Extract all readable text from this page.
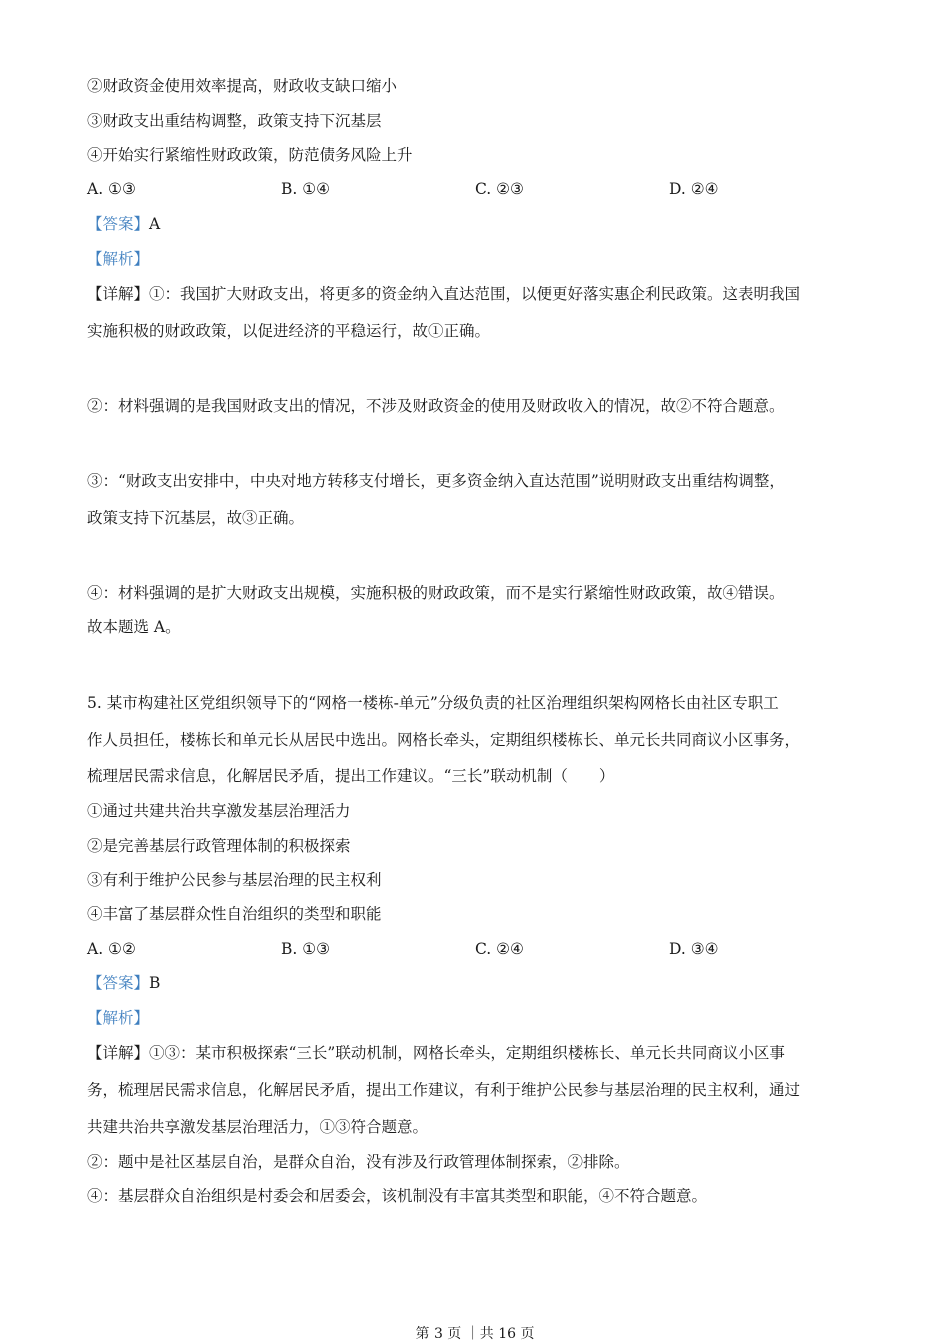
②财政资金使用效率提高，财政收支缺口缩小
③财政支出重结构调整，政策支持下沉基层
④开始实行紧缩性财政政策，防范债务风险上升
A. ①③	B. ①④	C. ②③	D. ②④
【答案】A
【解析】
【详解】①：我国扩大财政支出，将更多的资金纳入直达范围，以便更好落实惠企利民政策。这表明我国
实施积极的财政政策，以促进经济的平稳运行，故①正确。
②：材料强调的是我国财政支出的情况，不涉及财政资金的使用及财政收入的情况，故②不符合题意。
③：“财政支出安排中，中央对地方转移支付增长，更多资金纳入直达范围”说明财政支出重结构调整，
政策支持下沉基层，故③正确。
④：材料强调的是扩大财政支出规模，实施积极的财政政策，而不是实行紧缩性财政政策，故④错误。
故本题选 A。
5. 某市构建社区党组织领导下的“网格一楼栋-单元”分级负责的社区治理组织架构网格长由社区专职工
作人员担任，楼栋长和单元长从居民中选出。网格长牵头，定期组织楼栋长、单元长共同商议小区事务，
梳理居民需求信息，化解居民矛盾，提出工作建议。“三长”联动机制（　　）
①通过共建共治共享激发基层治理活力
②是完善基层行政管理体制的积极探索
③有利于维护公民参与基层治理的民主权利
④丰富了基层群众性自治组织的类型和职能
A. ①②	B. ①③	C. ②④	D. ③④
【答案】B
【解析】
【详解】①③：某市积极探索“三长”联动机制，网格长牵头，定期组织楼栋长、单元长共同商议小区事
务，梳理居民需求信息，化解居民矛盾，提出工作建议，有利于维护公民参与基层治理的民主权利，通过
共建共治共享激发基层治理活力，①③符合题意。
②：题中是社区基层自治，是群众自治，没有涉及行政管理体制探索，②排除。
④：基层群众自治组织是村委会和居委会，该机制没有丰富其类型和职能，④不符合题意。
第 3 页 ｜共 16 页
